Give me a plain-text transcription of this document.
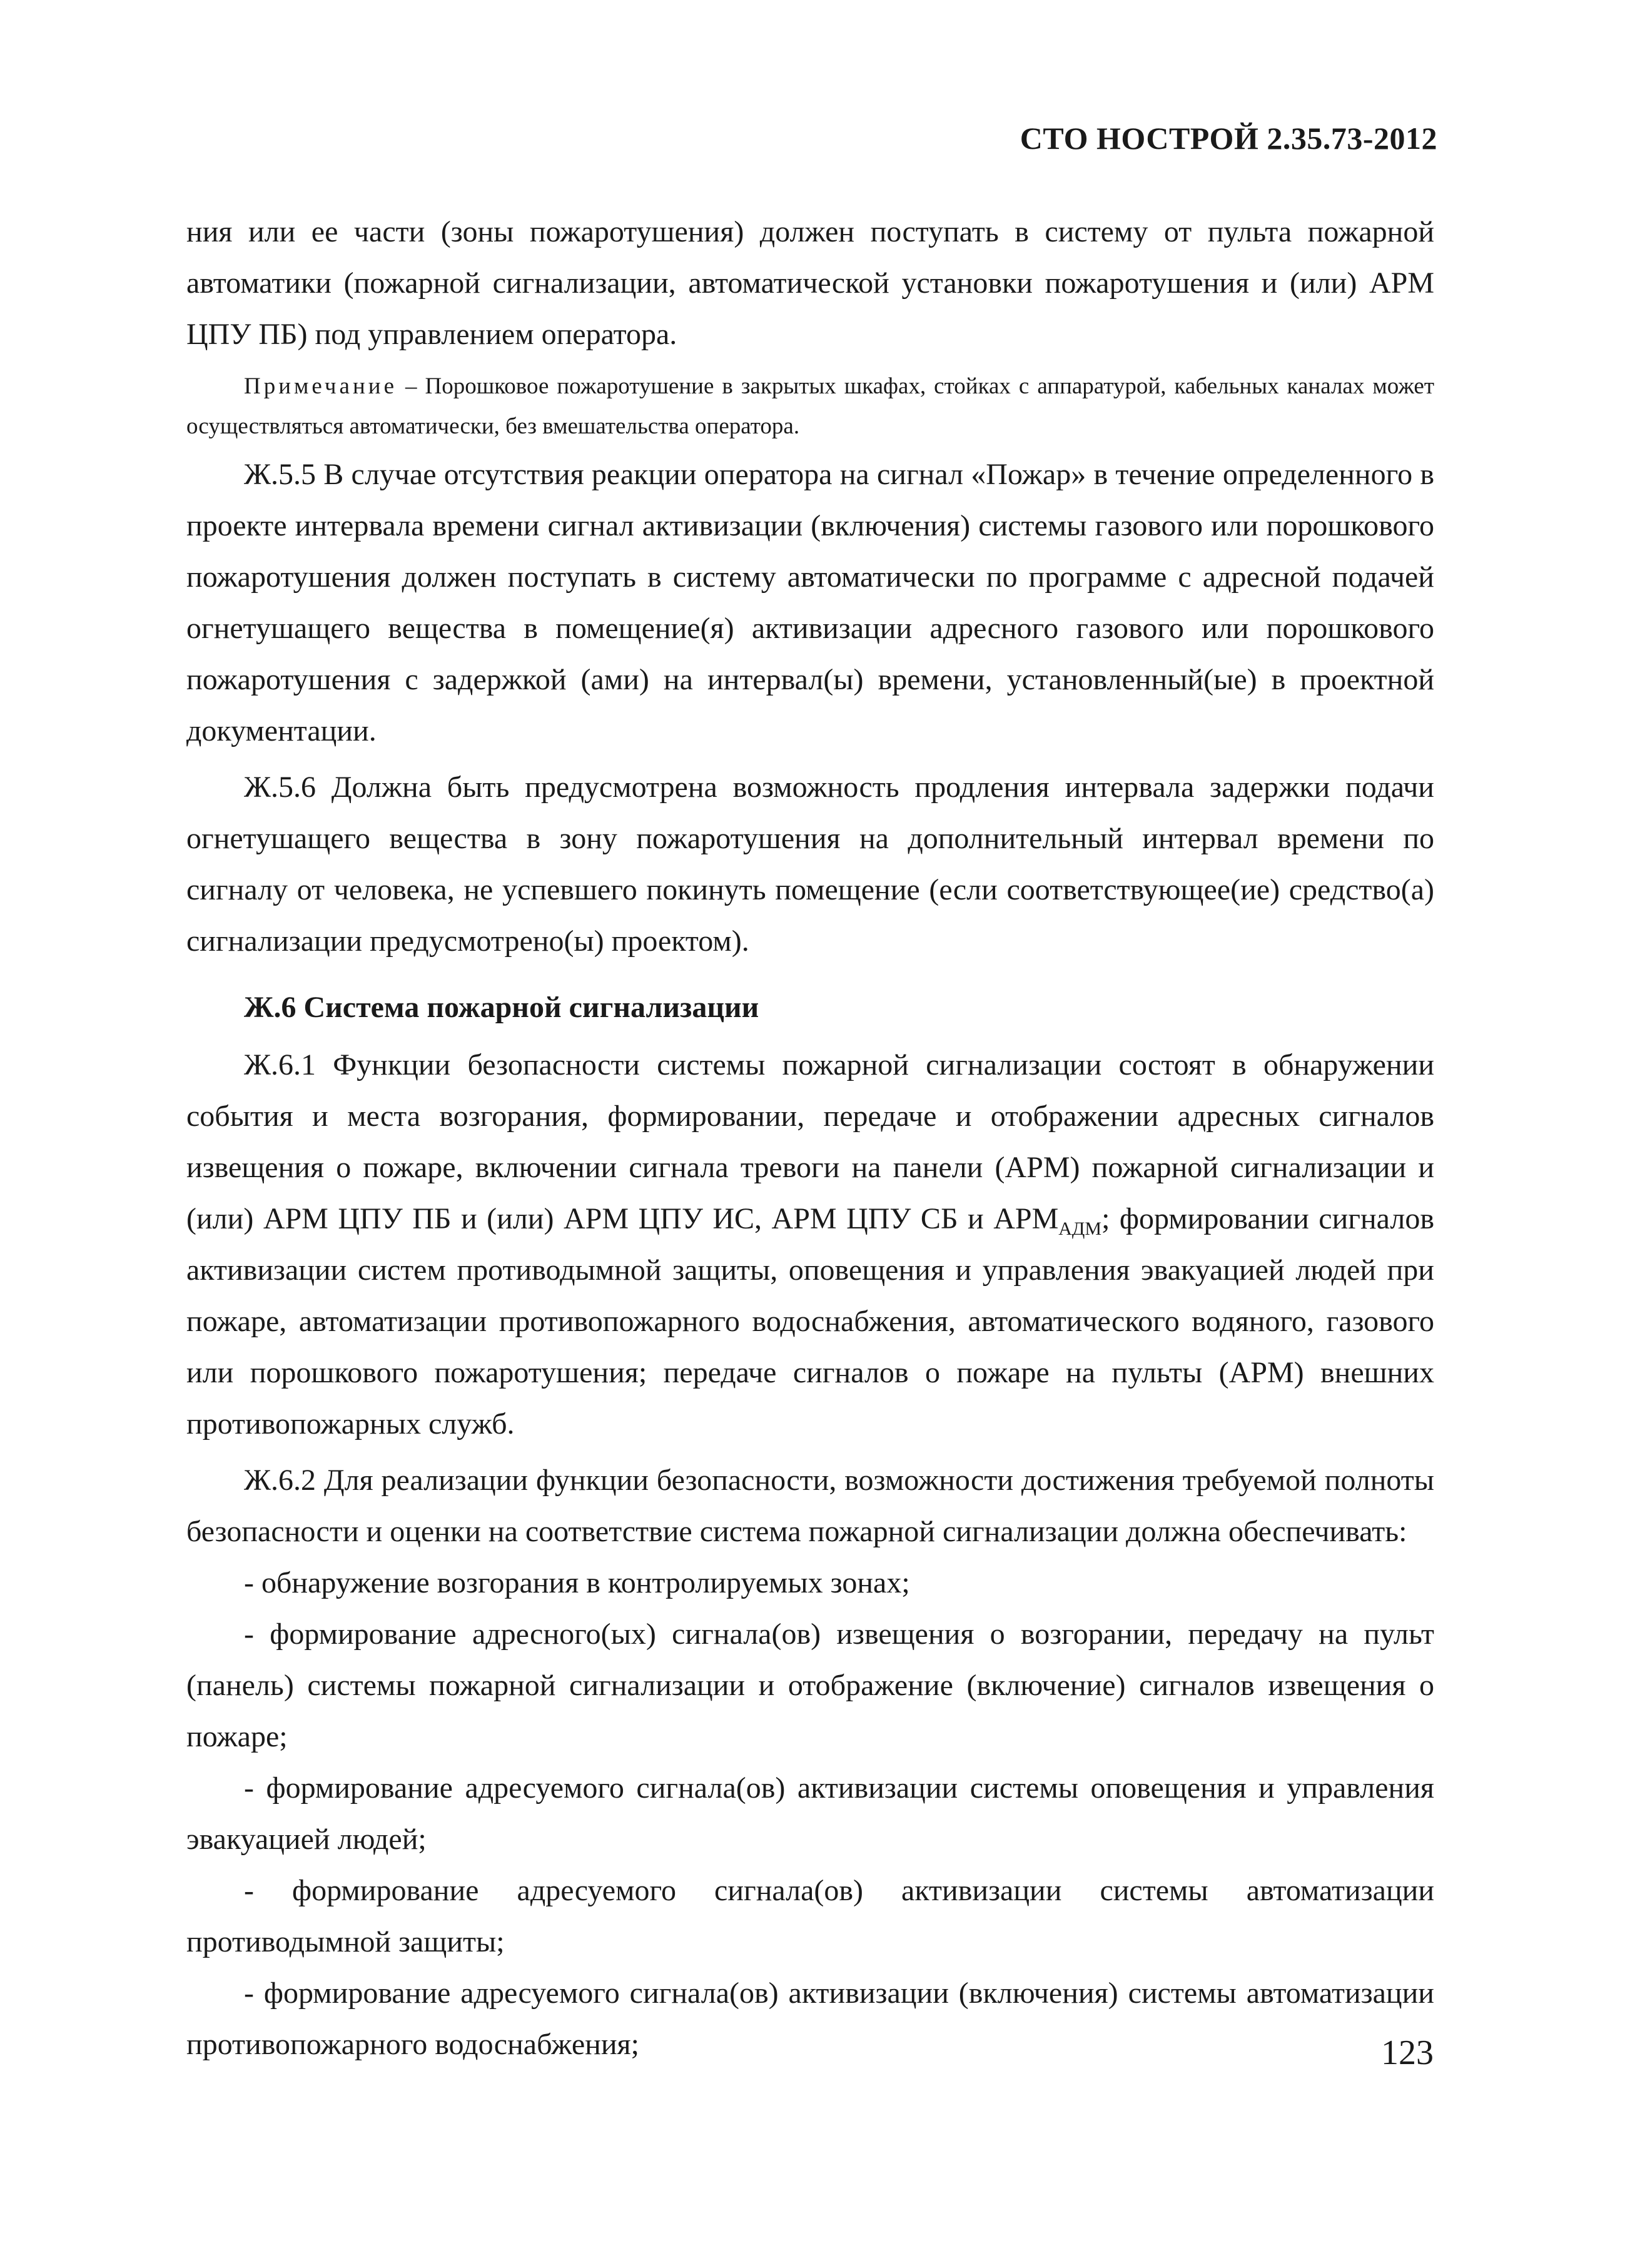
СТО НОСТРОЙ 2.35.73-2012

ния или ее части (зоны пожаротушения) должен поступать в систему от пульта пожарной автоматики (пожарной сигнализации, автоматической установки пожаротушения и (или) АРМ ЦПУ ПБ) под управлением оператора.

Примечание – Порошковое пожаротушение в закрытых шкафах, стойках с аппаратурой, кабельных каналах может осуществляться автоматически, без вмешательства оператора.

Ж.5.5 В случае отсутствия реакции оператора на сигнал «Пожар» в течение определенного в проекте интервала времени сигнал активизации (включения) системы газового или порошкового пожаротушения должен поступать в систему автоматически по программе с адресной подачей огнетушащего вещества в помещение(я) активизации адресного газового или порошкового пожаротушения с задержкой (ами) на интервал(ы) времени, установленный(ые) в проектной документации.

Ж.5.6 Должна быть предусмотрена возможность продления интервала задержки подачи огнетушащего вещества в зону пожаротушения на дополнительный интервал времени по сигналу от человека, не успевшего покинуть помещение (если соответствующее(ие) средство(а) сигнализации предусмотрено(ы) проектом).

Ж.6 Система пожарной сигнализации

Ж.6.1 Функции безопасности системы пожарной сигнализации состоят в обнаружении события и места возгорания, формировании, передаче и отображении адресных сигналов извещения о пожаре, включении сигнала тревоги на панели (АРМ) пожарной сигнализации и (или) АРМ ЦПУ ПБ и (или) АРМ ЦПУ ИС, АРМ ЦПУ СБ и $АРМ_{АДМ}$; формировании сигналов активизации систем противодымной защиты, оповещения и управления эвакуацией людей при пожаре, автоматизации противопожарного водоснабжения, автоматического водяного, газового или порошкового пожаротушения; передаче сигналов о пожаре на пульты (АРМ) внешних противопожарных служб.

Ж.6.2 Для реализации функции безопасности, возможности достижения требуемой полноты безопасности и оценки на соответствие система пожарной сигнализации должна обеспечивать:

- обнаружение возгорания в контролируемых зонах;

- формирование адресного(ых) сигнала(ов) извещения о возгорании, передачу на пульт (панель) системы пожарной сигнализации и отображение (включение) сигналов извещения о пожаре;

- формирование адресуемого сигнала(ов) активизации системы оповещения и управления эвакуацией людей;

- формирование адресуемого сигнала(ов) активизации системы автоматизации противодымной защиты;

- формирование адресуемого сигнала(ов) активизации (включения) системы автоматизации противопожарного водоснабжения;	123
